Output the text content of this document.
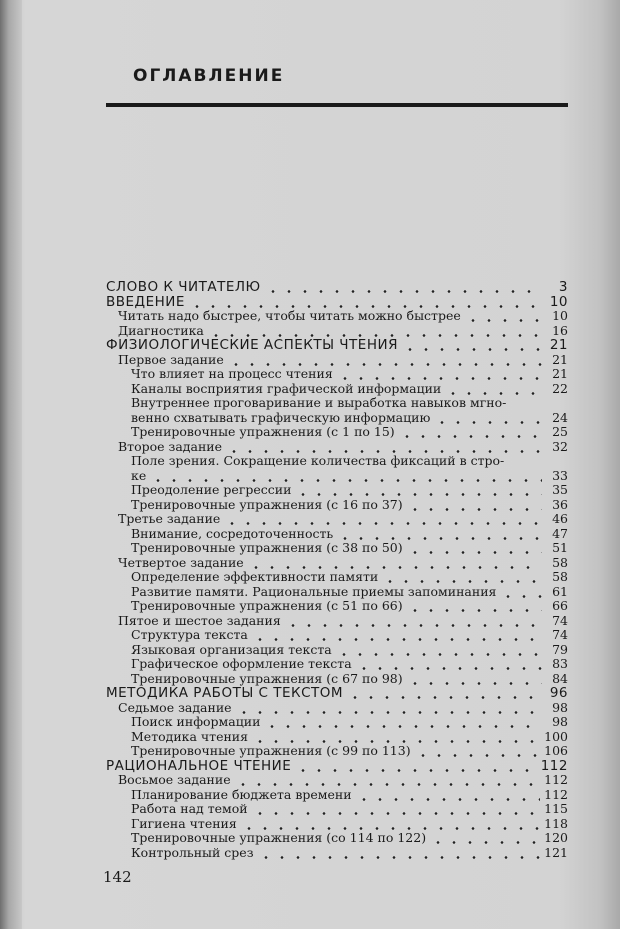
ОГЛАВЛЕНИЕ
СЛОВО К ЧИТАТЕЛЮ	3
ВВЕДЕНИЕ	10
Читать надо быстрее, чтобы читать можно быстрее	10
Диагностика	16
ФИЗИОЛОГИЧЕСКИЕ АСПЕКТЫ ЧТЕНИЯ	21
Первое задание	21
Что влияет на процесс чтения	21
Каналы восприятия графической информации	22
Внутреннее проговаривание и выработка навыков мгно-
венно схватывать графическую информацию	24
Тренировочные упражнения (с 1 по 15)	25
Второе задание	32
Поле зрения. Сокращение количества фиксаций в стро-
ке	33
Преодоление регрессии	35
Тренировочные упражнения (с 16 по 37)	36
Третье задание	46
Внимание, сосредоточенность	47
Тренировочные упражнения (с 38 по 50)	51
Четвертое задание	58
Определение эффективности памяти	58
Развитие памяти. Рациональные приемы запоминания	61
Тренировочные упражнения (с 51 по 66)	66
Пятое и шестое задания	74
Структура текста	74
Языковая организация текста	79
Графическое оформление текста	83
Тренировочные упражнения (с 67 по 98)	84
МЕТОДИКА РАБОТЫ С ТЕКСТОМ	96
Седьмое задание	98
Поиск информации	98
Методика чтения	100
Тренировочные упражнения (с 99 по 113)	106
РАЦИОНАЛЬНОЕ ЧТЕНИЕ	112
Восьмое задание	112
Планирование бюджета времени	112
Работа над темой	115
Гигиена чтения	118
Тренировочные упражнения (со 114 по 122)	120
Контрольный срез	121
142
